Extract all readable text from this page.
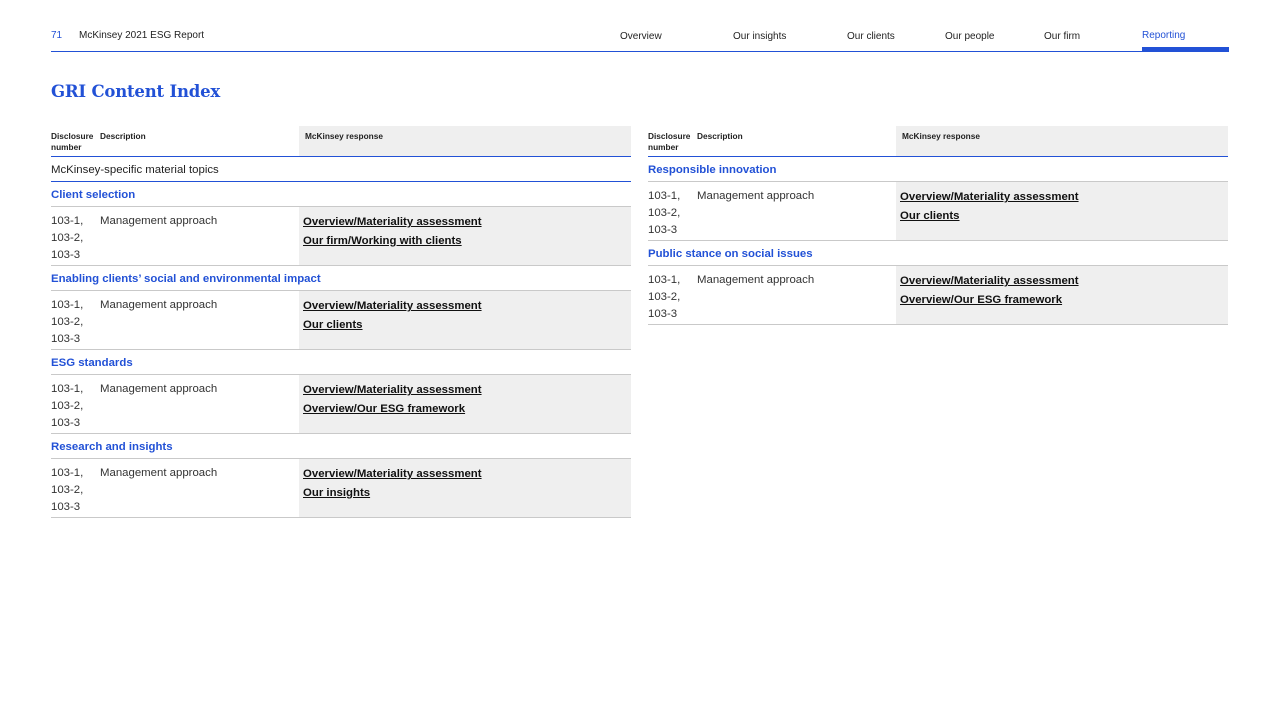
71 McKinsey 2021 ESG Report	Overview	Our insights	Our clients	Our people	Our firm	Reporting
GRI Content Index
Disclosure number
Description	McKinsey response
McKinsey-specific material topics
Client selection
103-1, 103-2, 103-3
Management approach	Overview/Materiality assessment
Our firm/Working with clients
Enabling clients’ social and environmental impact
103-1, 103-2, 103-3
Management approach	Overview/Materiality assessment
Our clients
ESG standards
103-1, 103-2, 103-3
Management approach	Overview/Materiality assessment
Overview/Our ESG framework
Research and insights
103-1, 103-2, 103-3
Management approach	Overview/Materiality assessment
Our insights
Disclosure number
Description	McKinsey response
Responsible innovation
103-1, 103-2, 103-3
Management approach	Overview/Materiality assessment
Our clients
Public stance on social issues
103-1, 103-2, 103-3
Management approach	Overview/Materiality assessment
Overview/Our ESG framework
